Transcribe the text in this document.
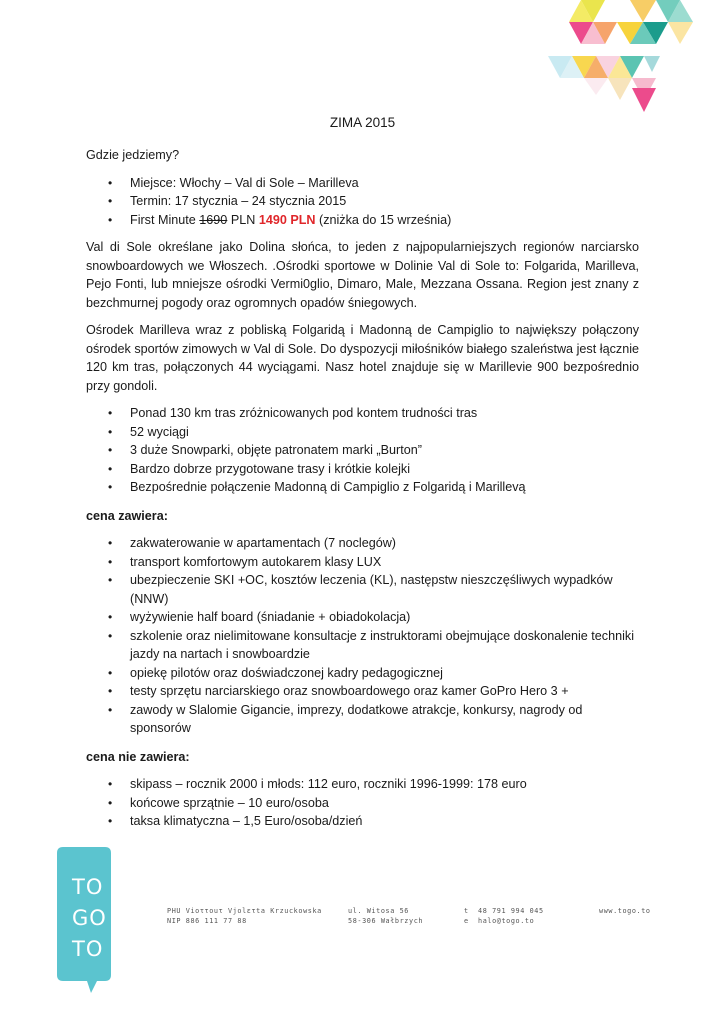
ZIMA 2015

Gdzie jedziemy?

• Miejsce: Włochy – Val di Sole – Marilleva
• Termin: 17 stycznia – 24 stycznia 2015
• First Minute 1690 PLN 1490 PLN (zniżka do 15 września)

Val di Sole określane jako Dolina słońca, to jeden z najpopularniejszych regionów narciarsko snowboardowych we Włoszech. .Ośrodki sportowe w Dolinie Val di Sole to: Folgarida, Marilleva, Pejo Fonti, lub mniejsze ośrodki Vermi0glio, Dimaro, Male, Mezzana Ossana. Region jest znany z bezchmurnej pogody oraz ogromnych opadów śniegowych.

Ośrodek Marilleva wraz z pobliską Folgaridą i Madonną de Campiglio to największy połączony ośrodek sportów zimowych w Val di Sole. Do dyspozycji miłośników białego szaleństwa jest łącznie 120 km tras, połączonych 44 wyciągami. Nasz hotel znajduje się w Marillevie 900 bezpośrednio przy gondoli.

• Ponad 130 km tras zróżnicowanych pod kontem trudności tras
• 52 wyciągi
• 3 duże Snowparki, objęte patronatem marki „Burton”
• Bardzo dobrze przygotowane trasy i krótkie kolejki
• Bezpośrednie połączenie Madonną di Campiglio z Folgaridą i Marillevą

cena zawiera:

• zakwaterowanie w apartamentach (7 noclegów)
• transport komfortowym autokarem klasy LUX
• ubezpieczenie SKI +OC, kosztów leczenia (KL), następstw nieszczęśliwych wypadków (NNW)
• wyżywienie half board (śniadanie + obiadokolacja)
• szkolenie oraz nielimitowane konsultacje z instruktorami obejmujące doskonalenie techniki jazdy na nartach i snowboardzie
• opiekę pilotów oraz doświadczonej kadry pedagogicznej
• testy sprzętu narciarskiego oraz snowboardowego oraz kamer GoPro Hero 3 +
• zawody w Slalomie Gigancie, imprezy, dodatkowe atrakcje, konkursy, nagrody od sponsorów

cena nie zawiera:

• skipass – rocznik 2000 i młods: 112 euro, roczniki 1996-1999: 178 euro
• końcowe sprzątnie – 10 euro/osoba
• taksa klimatyczna – 1,5 Euro/osoba/dzień
TO
GO
TO
PHU Vioττouτ Vjolετta Krzuckowska
NIP 886 111 77 88
ul. Witosa 56
58-306 Wałbrzych
t
e
48 791 994 045
halo@togo.to
www.togo.to
